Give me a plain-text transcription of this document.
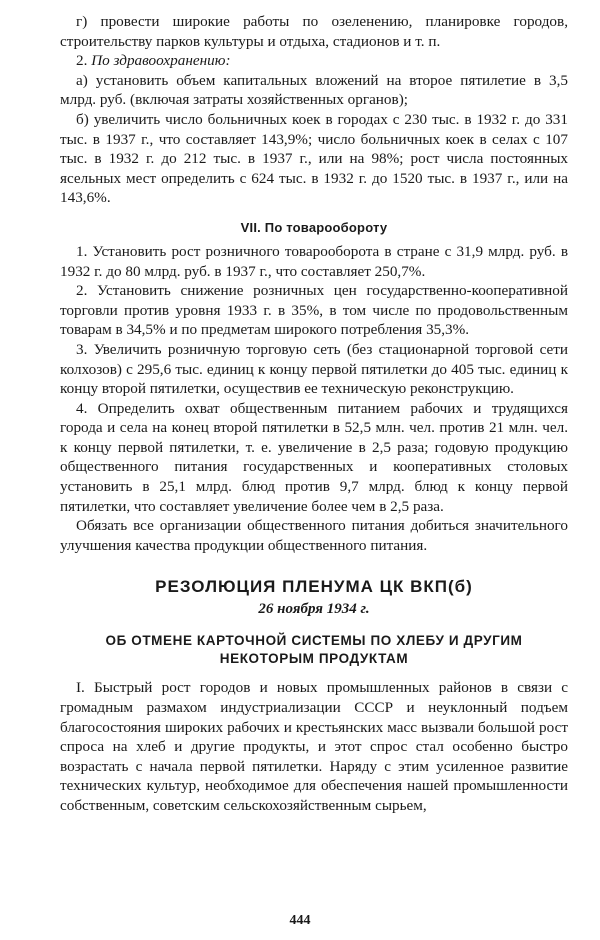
г) провести широкие работы по озеленению, планировке городов, строительству парков культуры и отдыха, стадионов и т. п.

2. По здравоохранению:

а) установить объем капитальных вложений на второе пятилетие в 3,5 млрд. руб. (включая затраты хозяйственных органов);

б) увеличить число больничных коек в городах с 230 тыс. в 1932 г. до 331 тыс. в 1937 г., что составляет 143,9%; число больничных коек в селах с 107 тыс. в 1932 г. до 212 тыс. в 1937 г., или на 98%; рост числа постоянных ясельных мест определить с 624 тыс. в 1932 г. до 1520 тыс. в 1937 г., или на 143,6%.

VII. По товарообороту

1. Установить рост розничного товарооборота в стране с 31,9 млрд. руб. в 1932 г. до 80 млрд. руб. в 1937 г., что составляет 250,7%.

2. Установить снижение розничных цен государственно-кооперативной торговли против уровня 1933 г. в 35%, в том числе по продовольственным товарам в 34,5% и по предметам широкого потребления 35,3%.

3. Увеличить розничную торговую сеть (без стационарной торговой сети колхозов) с 295,6 тыс. единиц к концу первой пятилетки до 405 тыс. единиц к концу второй пятилетки, осуществив ее техническую реконструкцию.

4. Определить охват общественным питанием рабочих и трудящихся города и села на конец второй пятилетки в 52,5 млн. чел. против 21 млн. чел. к концу первой пятилетки, т. е. увеличение в 2,5 раза; годовую продукцию общественного питания государственных и кооперативных столовых установить в 25,1 млрд. блюд против 9,7 млрд. блюд к концу первой пятилетки, что составляет увеличение более чем в 2,5 раза.

Обязать все организации общественного питания добиться значительного улучшения качества продукции общественного питания.

РЕЗОЛЮЦИЯ ПЛЕНУМА ЦК ВКП(б)
26 ноября 1934 г.
ОБ ОТМЕНЕ КАРТОЧНОЙ СИСТЕМЫ ПО ХЛЕБУ И ДРУГИМ
НЕКОТОРЫМ ПРОДУКТАМ

I. Быстрый рост городов и новых промышленных районов в связи с громадным размахом индустриализации СССР и неуклонный подъем благосостояния широких рабочих и крестьянских масс вызвали большой рост спроса на хлеб и другие продукты, и этот спрос стал особенно быстро возрастать с начала первой пятилетки. Наряду с этим усиленное развитие технических культур, необходимое для обеспечения нашей промышленности собственным, советским сельскохозяйственным сырьем,

444
